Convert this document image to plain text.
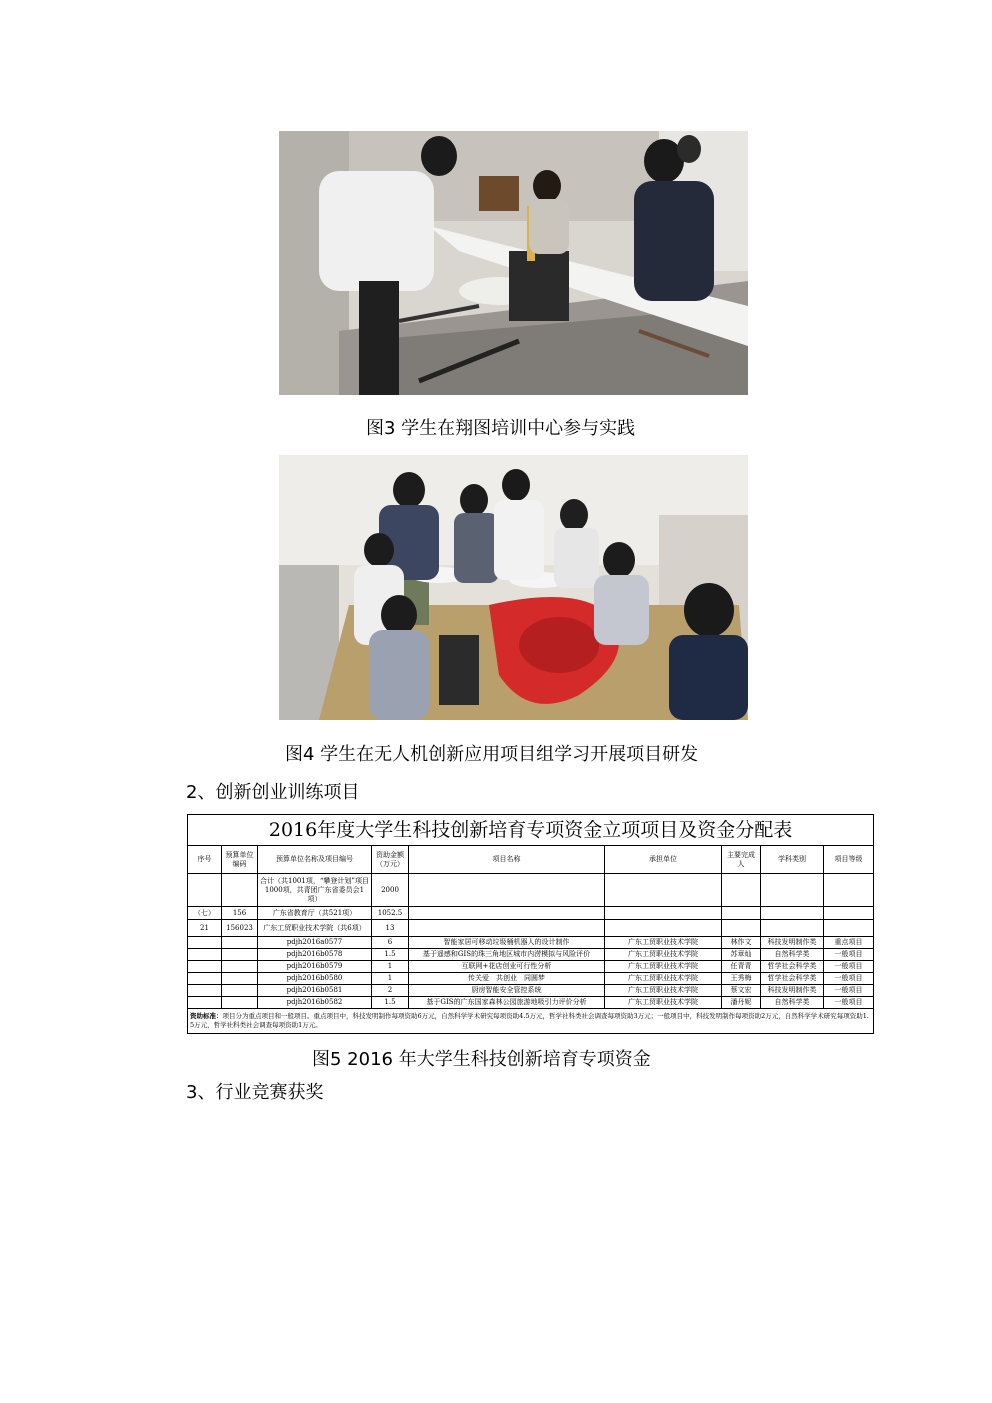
图3 学生在翔图培训中心参与实践
图4 学生在无人机创新应用项目组学习开展项目研发
2、创新创业训练项目
2016年度大学生科技创新培育专项资金立项项目及资金分配表								
序号	预算单位编码	预算单位名称及项目编号	资助金额（万元）	项目名称	承担单位	主要完成人	学科类别	项目等级
		合计（共1001项，“攀登计划”项目1000项，共青团广东省委员会1项）	2000					
（七）	156	广东省教育厅（共521项）	1052.5					
21	156023	广东工贸职业技术学院（共6项）	13					
		pdjh2016a0577	6	智能家居可移动垃圾桶机器人的设计制作	广东工贸职业技术学院	林作文	科技发明制作类	重点项目
		pdjh2016b0578	1.5	基于遥感和GIS的珠三角地区城市内涝模拟与风险评价	广东工贸职业技术学院	苏章灿	自然科学类	一般项目
		pdjh2016b0579	1	互联网+花店创业可行性分析	广东工贸职业技术学院	任青青	哲学社会科学类	一般项目
		pdjh2016b0580	1	传关爱　共创业　同圆梦	广东工贸职业技术学院	王秀梅	哲学社会科学类	一般项目
		pdjh2016b0581	2	厨房智能安全管控系统	广东工贸职业技术学院	蔡文宏	科技发明制作类	一般项目
		pdjh2016b0582	1.5	基于GIS的广东国家森林公园旅游地吸引力评价分析	广东工贸职业技术学院	潘丹妮	自然科学类	一般项目
资助标准：项目分为重点项目和一般项目。重点项目中，科技发明制作每项资助6万元，自然科学学术研究每项资助4.5万元，哲学社科类社会调查每项资助3万元；一般项目中，科技发明制作每项资助2万元，自然科学学术研究每项资助1.5万元，哲学社科类社会调查每项资助1万元。								
图5 2016 年大学生科技创新培育专项资金
3、行业竞赛获奖
